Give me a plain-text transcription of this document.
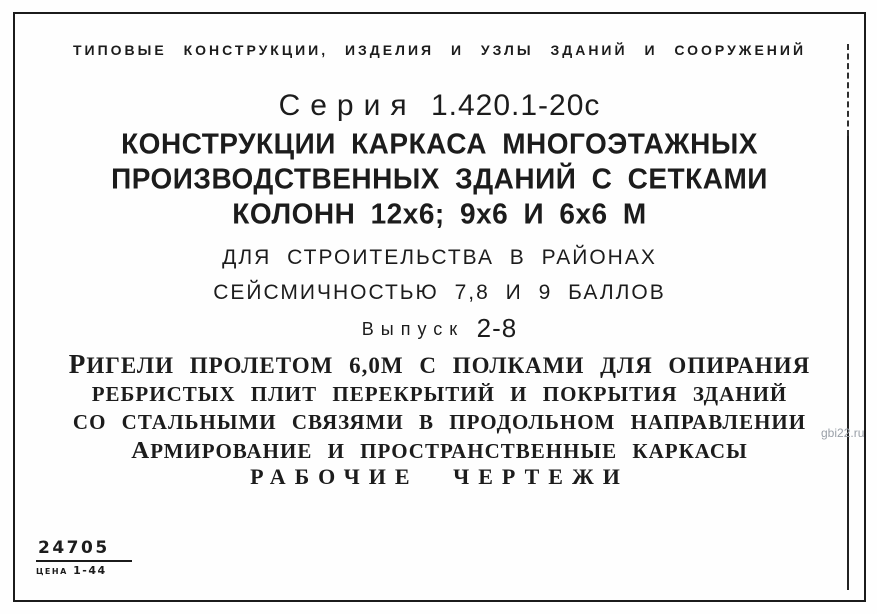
ТИПОВЫЕ КОНСТРУКЦИИ, ИЗДЕЛИЯ И УЗЛЫ ЗДАНИЙ И СООРУЖЕНИЙ
Серия 1.420.1-20с
КОНСТРУКЦИИ КАРКАСА МНОГОЭТАЖНЫХ
ПРОИЗВОДСТВЕННЫХ ЗДАНИЙ С СЕТКАМИ
КОЛОНН 12х6; 9х6 И 6х6 М
ДЛЯ СТРОИТЕЛЬСТВА В РАЙОНАХ
СЕЙСМИЧНОСТЬЮ 7,8 И 9 БАЛЛОВ
Выпуск 2-8
РИГЕЛИ ПРОЛЕТОМ 6,0М С ПОЛКАМИ ДЛЯ ОПИРАНИЯ
РЕБРИСТЫХ ПЛИТ ПЕРЕКРЫТИЙ И ПОКРЫТИЯ ЗДАНИЙ
СО СТАЛЬНЫМИ СВЯЗЯМИ В ПРОДОЛЬНОМ НАПРАВЛЕНИИ
АРМИРОВАНИЕ И ПРОСТРАНСТВЕННЫЕ КАРКАСЫ
РАБОЧИЕ ЧЕРТЕЖИ
24705
цена 1-44
gbi22.ru
